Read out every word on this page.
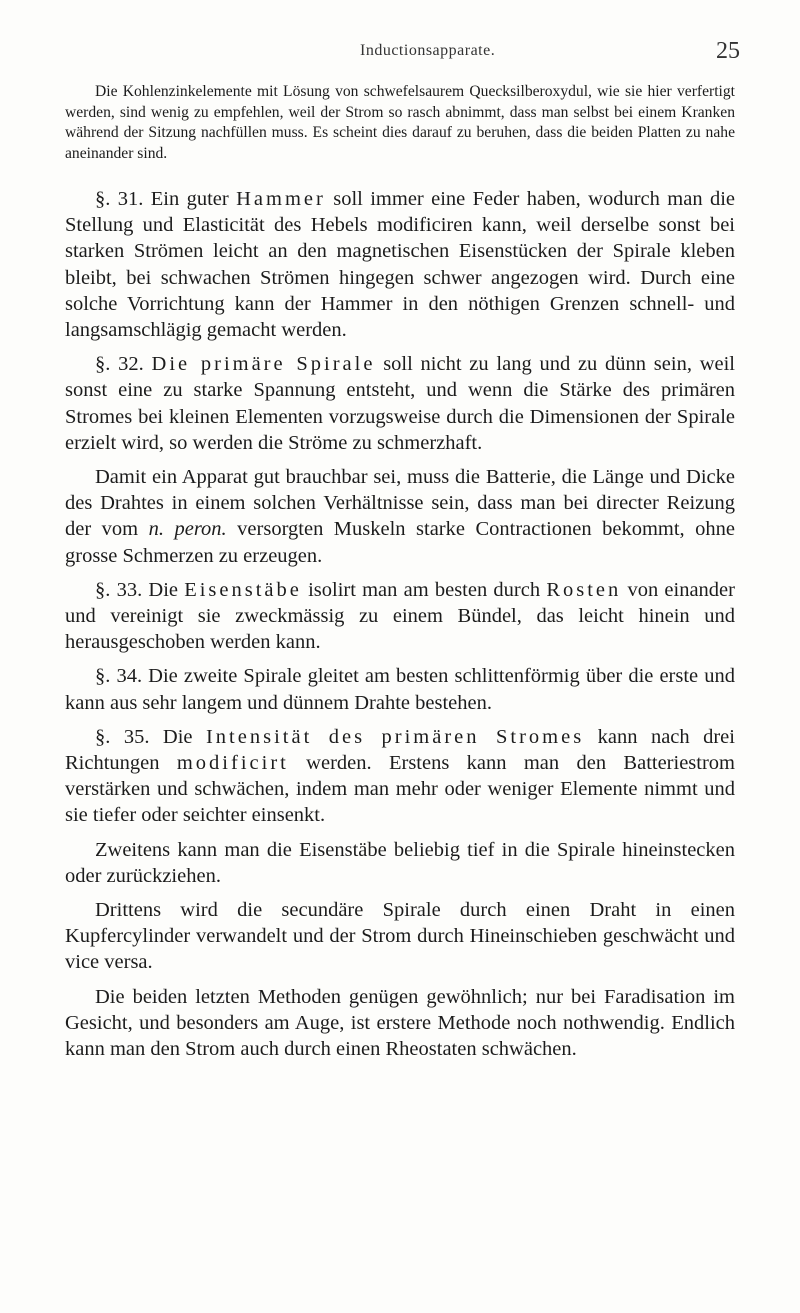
Inductionsapparate.	25

Die Kohlenzinkelemente mit Lösung von schwefelsaurem Quecksilberoxydul, wie sie hier verfertigt werden, sind wenig zu empfehlen, weil der Strom so rasch abnimmt, dass man selbst bei einem Kranken während der Sitzung nachfüllen muss. Es scheint dies darauf zu beruhen, dass die beiden Platten zu nahe aneinander sind.

§. 31. Ein guter Hammer soll immer eine Feder haben, wodurch man die Stellung und Elasticität des Hebels modificiren kann, weil derselbe sonst bei starken Strömen leicht an den magnetischen Eisenstücken der Spirale kleben bleibt, bei schwachen Strömen hingegen schwer angezogen wird. Durch eine solche Vorrichtung kann der Hammer in den nöthigen Grenzen schnell- und langsamschlägig gemacht werden.

§. 32. Die primäre Spirale soll nicht zu lang und zu dünn sein, weil sonst eine zu starke Spannung entsteht, und wenn die Stärke des primären Stromes bei kleinen Elementen vorzugsweise durch die Dimensionen der Spirale erzielt wird, so werden die Ströme zu schmerzhaft.

Damit ein Apparat gut brauchbar sei, muss die Batterie, die Länge und Dicke des Drahtes in einem solchen Verhältnisse sein, dass man bei directer Reizung der vom n. peron. versorgten Muskeln starke Contractionen bekommt, ohne grosse Schmerzen zu erzeugen.

§. 33. Die Eisenstäbe isolirt man am besten durch Rosten von einander und vereinigt sie zweckmässig zu einem Bündel, das leicht hinein und herausgeschoben werden kann.

§. 34. Die zweite Spirale gleitet am besten schlittenförmig über die erste und kann aus sehr langem und dünnem Drahte bestehen.

§. 35. Die Intensität des primären Stromes kann nach drei Richtungen modificirt werden. Erstens kann man den Batteriestrom verstärken und schwächen, indem man mehr oder weniger Elemente nimmt und sie tiefer oder seichter einsenkt.

Zweitens kann man die Eisenstäbe beliebig tief in die Spirale hineinstecken oder zurückziehen.

Drittens wird die secundäre Spirale durch einen Draht in einen Kupfercylinder verwandelt und der Strom durch Hineinschieben geschwächt und vice versa.

Die beiden letzten Methoden genügen gewöhnlich; nur bei Faradisation im Gesicht, und besonders am Auge, ist erstere Methode noch nothwendig. Endlich kann man den Strom auch durch einen Rheostaten schwächen.
